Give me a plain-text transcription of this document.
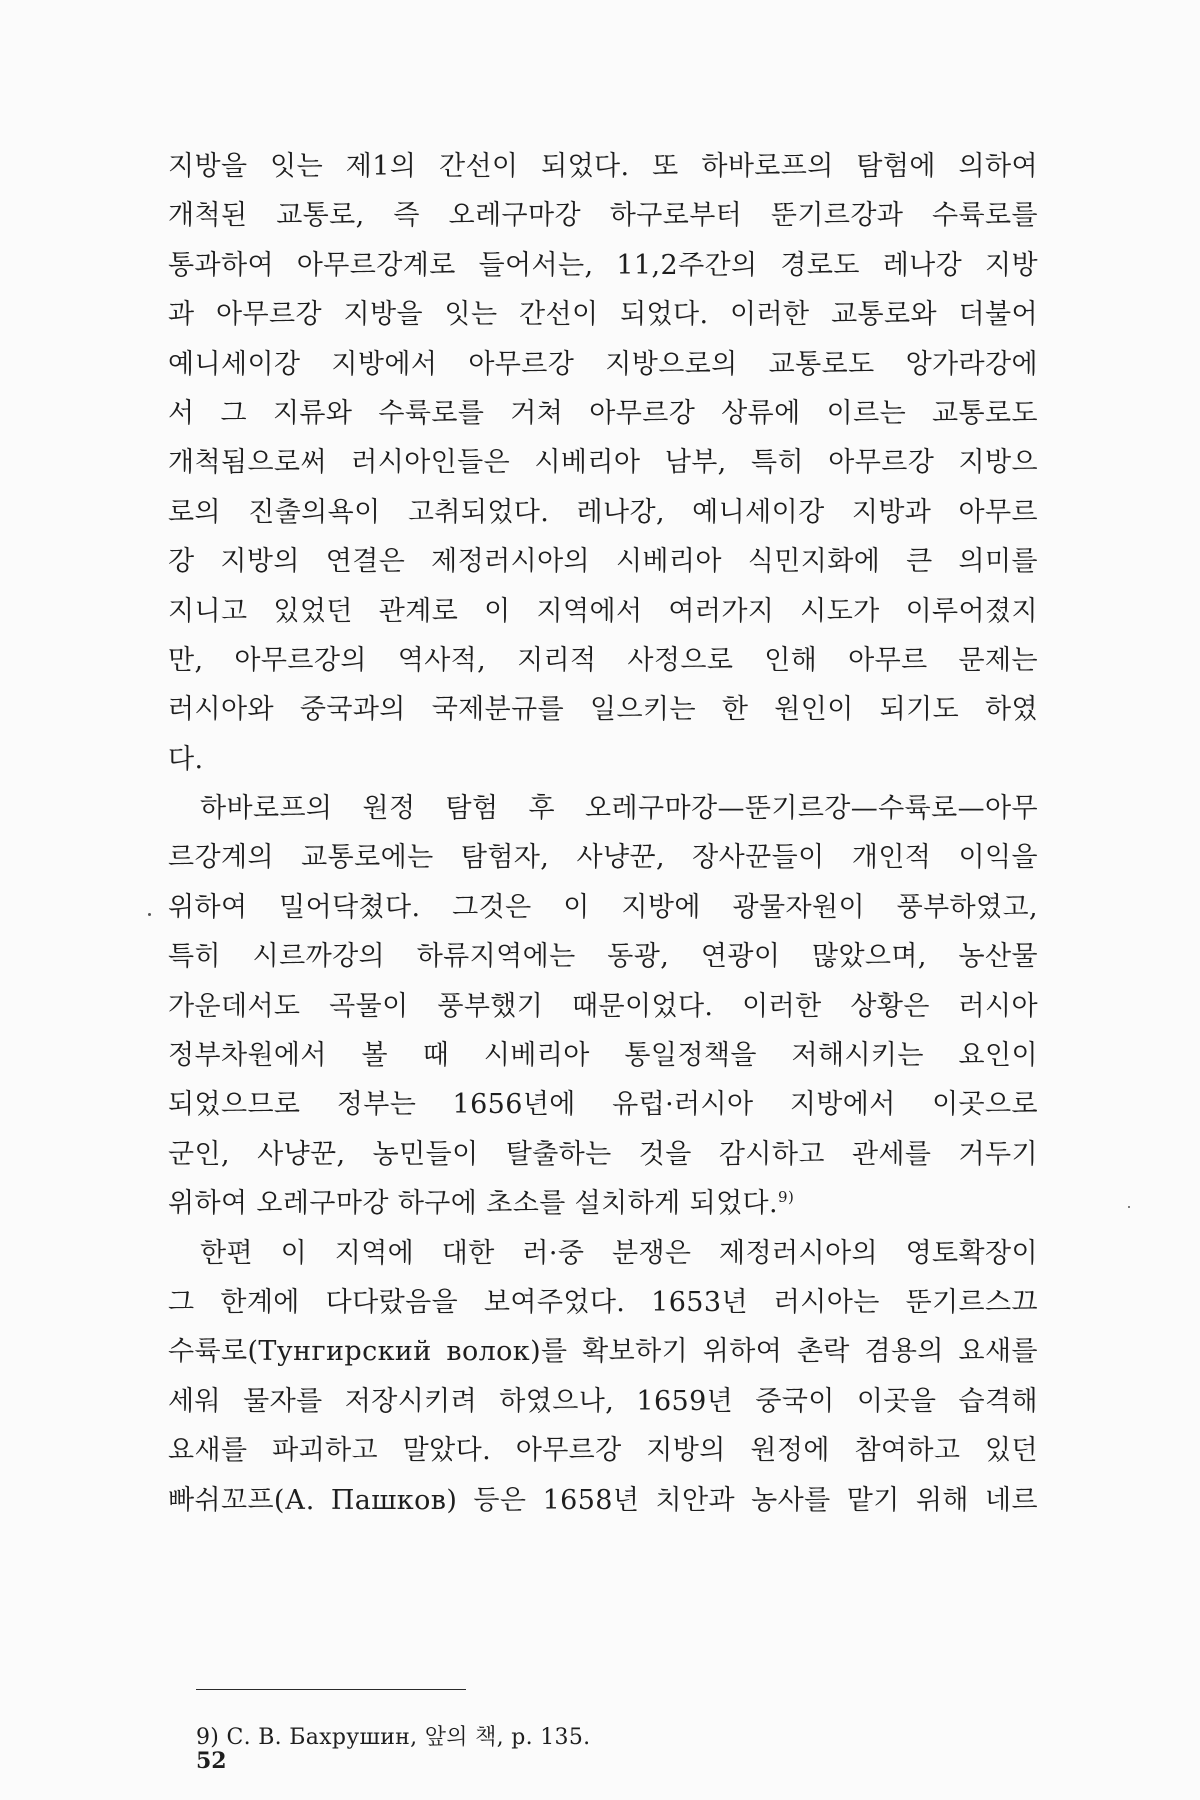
지방을 잇는 제1의 간선이 되었다. 또 하바로프의 탐험에 의하여
개척된 교통로, 즉 오레구마강 하구로부터 뚠기르강과 수륙로를
통과하여 아무르강계로 들어서는, 11,2주간의 경로도 레나강 지방
과 아무르강 지방을 잇는 간선이 되었다. 이러한 교통로와 더불어
예니세이강 지방에서 아무르강 지방으로의 교통로도 앙가라강에
서 그 지류와 수륙로를 거쳐 아무르강 상류에 이르는 교통로도
개척됨으로써 러시아인들은 시베리아 남부, 특히 아무르강 지방으
로의 진출의욕이 고취되었다. 레나강, 예니세이강 지방과 아무르
강 지방의 연결은 제정러시아의 시베리아 식민지화에 큰 의미를
지니고 있었던 관계로 이 지역에서 여러가지 시도가 이루어졌지
만, 아무르강의 역사적, 지리적 사정으로 인해 아무르 문제는
러시아와 중국과의 국제분규를 일으키는 한 원인이 되기도 하였
다.
하바로프의 원정 탐험 후 오레구마강—뚠기르강—수륙로—아무
르강계의 교통로에는 탐험자, 사냥꾼, 장사꾼들이 개인적 이익을
위하여 밀어닥쳤다. 그것은 이 지방에 광물자원이 풍부하였고,
특히 시르까강의 하류지역에는 동광, 연광이 많았으며, 농산물
가운데서도 곡물이 풍부했기 때문이었다. 이러한 상황은 러시아
정부차원에서 볼 때 시베리아 통일정책을 저해시키는 요인이
되었으므로 정부는 1656년에 유럽·러시아 지방에서 이곳으로
군인, 사냥꾼, 농민들이 탈출하는 것을 감시하고 관세를 거두기
위하여 오레구마강 하구에 초소를 설치하게 되었다.$^{9)}$
한편 이 지역에 대한 러·중 분쟁은 제정러시아의 영토확장이
그 한계에 다다랐음을 보여주었다. 1653년 러시아는 뚠기르스끄
수륙로(Тунгирский волок)를 확보하기 위하여 촌락 겸용의 요새를
세워 물자를 저장시키려 하였으나, 1659년 중국이 이곳을 습격해
요새를 파괴하고 말았다. 아무르강 지방의 원정에 참여하고 있던
빠쉬꼬프(А. Пашков) 등은 1658년 치안과 농사를 맡기 위해 네르
9) С. В. Бахрушин, 앞의 책, p. 135.
52
